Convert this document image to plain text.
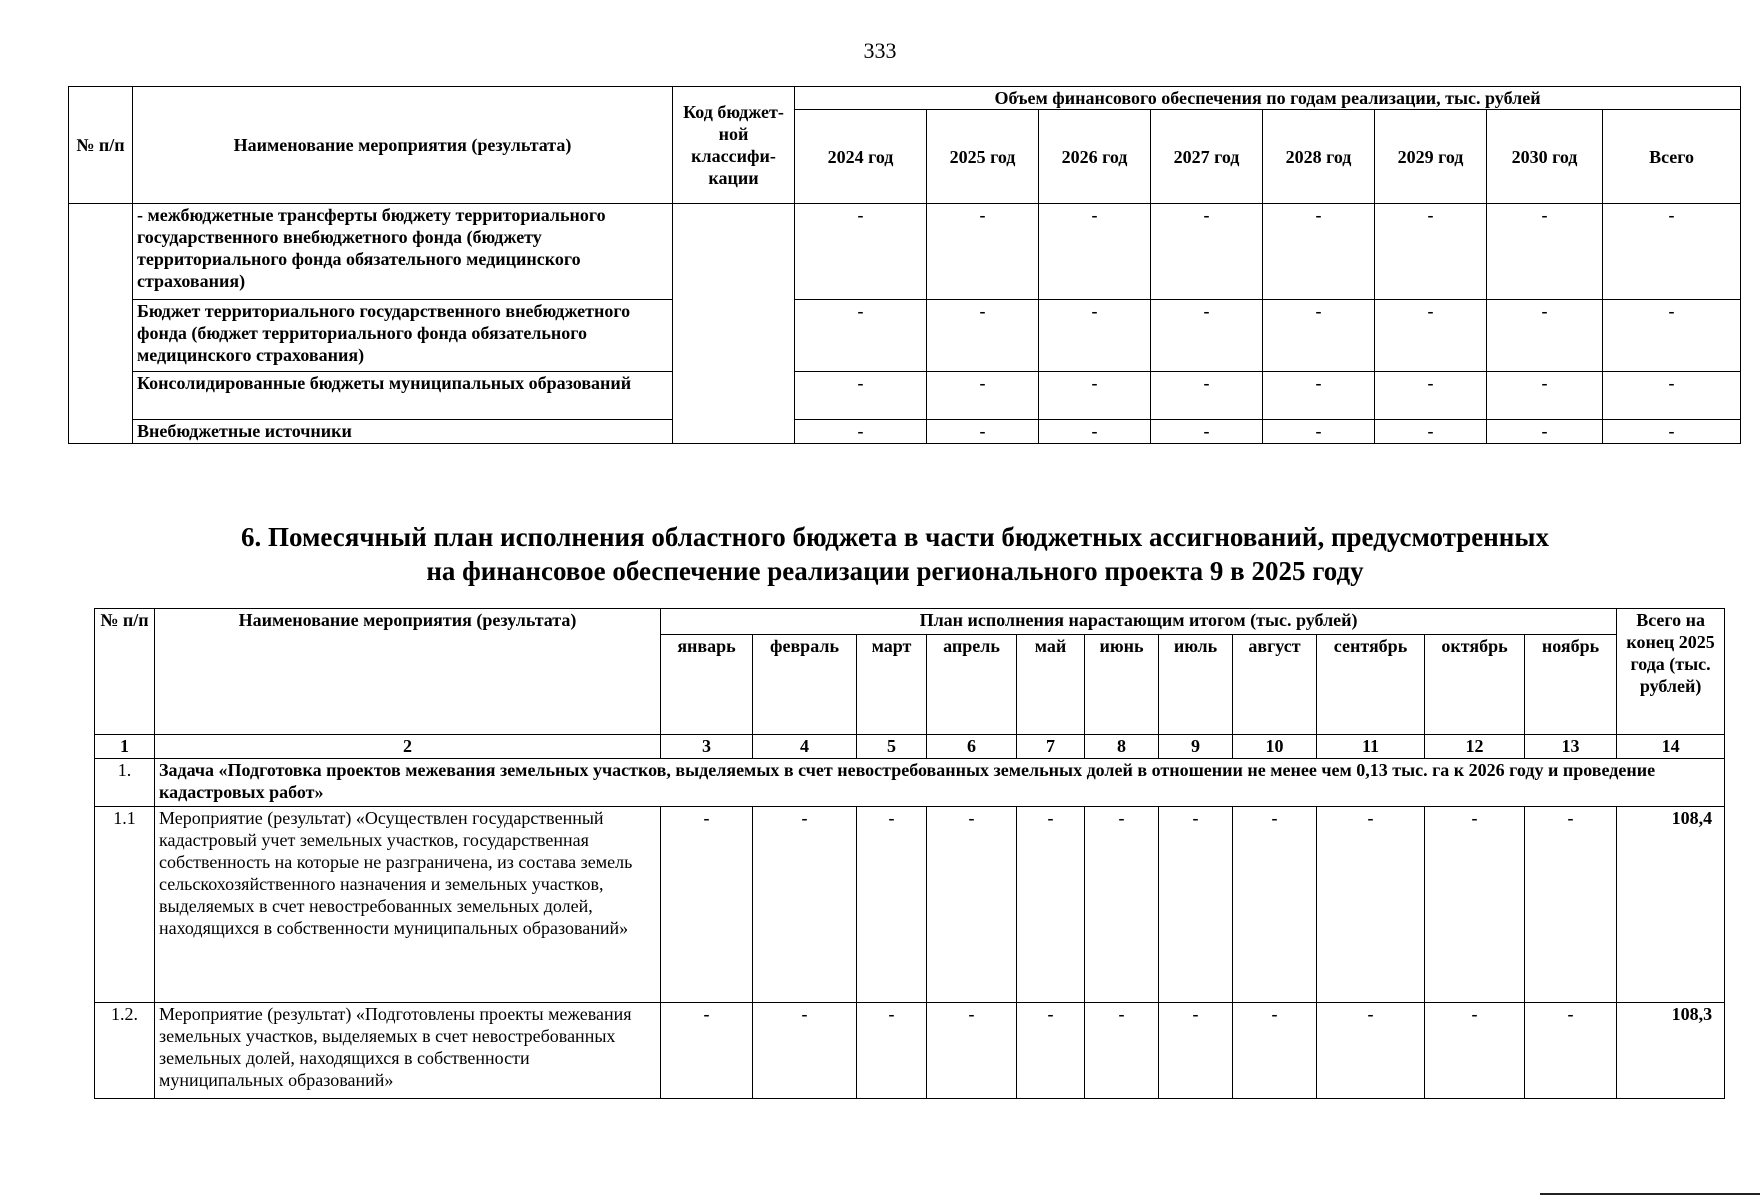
333
№ п/п	Наименование мероприятия (результата)	Код бюджет- ной классифи- кации	Объем финансового обеспечения по годам реализации, тыс. рублей							
			2024 год	2025 год	2026 год	2027 год	2028 год	2029 год	2030 год	Всего
	- межбюджетные трансферты бюджету территориального государственного внебюджетного фонда (бюджету территориального фонда обязательного медицинского страхования)		-	-	-	-	-	-	-	-
	Бюджет территориального государственного внебюджетного фонда (бюджет территориального фонда обязательного медицинского страхования)		-	-	-	-	-	-	-	-
	Консолидированные бюджеты муниципальных образований		-	-	-	-	-	-	-	-
	Внебюджетные источники		-	-	-	-	-	-	-	-
6. Помесячный план исполнения областного бюджета в части бюджетных ассигнований, предусмотренных
на финансовое обеспечение реализации регионального проекта 9 в 2025 году
№ п/п	Наименование мероприятия (результата)	План исполнения нарастающим итогом (тыс. рублей)											Всего на конец 2025 года (тыс. рублей)
		январь	февраль	март	апрель	май	июнь	июль	август	сентябрь	октябрь	ноябрь	
1	2	3	4	5	6	7	8	9	10	11	12	13	14
1.	Задача «Подготовка проектов межевания земельных участков, выделяемых в счет невостребованных земельных долей в отношении не менее чем 0,13 тыс. га к 2026 году и проведение кадастровых работ»												
1.1	Мероприятие (результат) «Осуществлен государственный кадастровый учет земельных участков, государственная собственность на которые не разграничена, из состава земель сельскохозяйственного назначения и земельных участков, выделяемых в счет невостребованных земельных долей, находящихся в собственности муниципальных образований»	-	-	-	-	-	-	-	-	-	-	-	108,4
1.2.	Мероприятие (результат) «Подготовлены проекты межевания земельных участков, выделяемых в счет невостребованных земельных долей, находящихся в собственности муниципальных образований»	-	-	-	-	-	-	-	-	-	-	-	108,3
